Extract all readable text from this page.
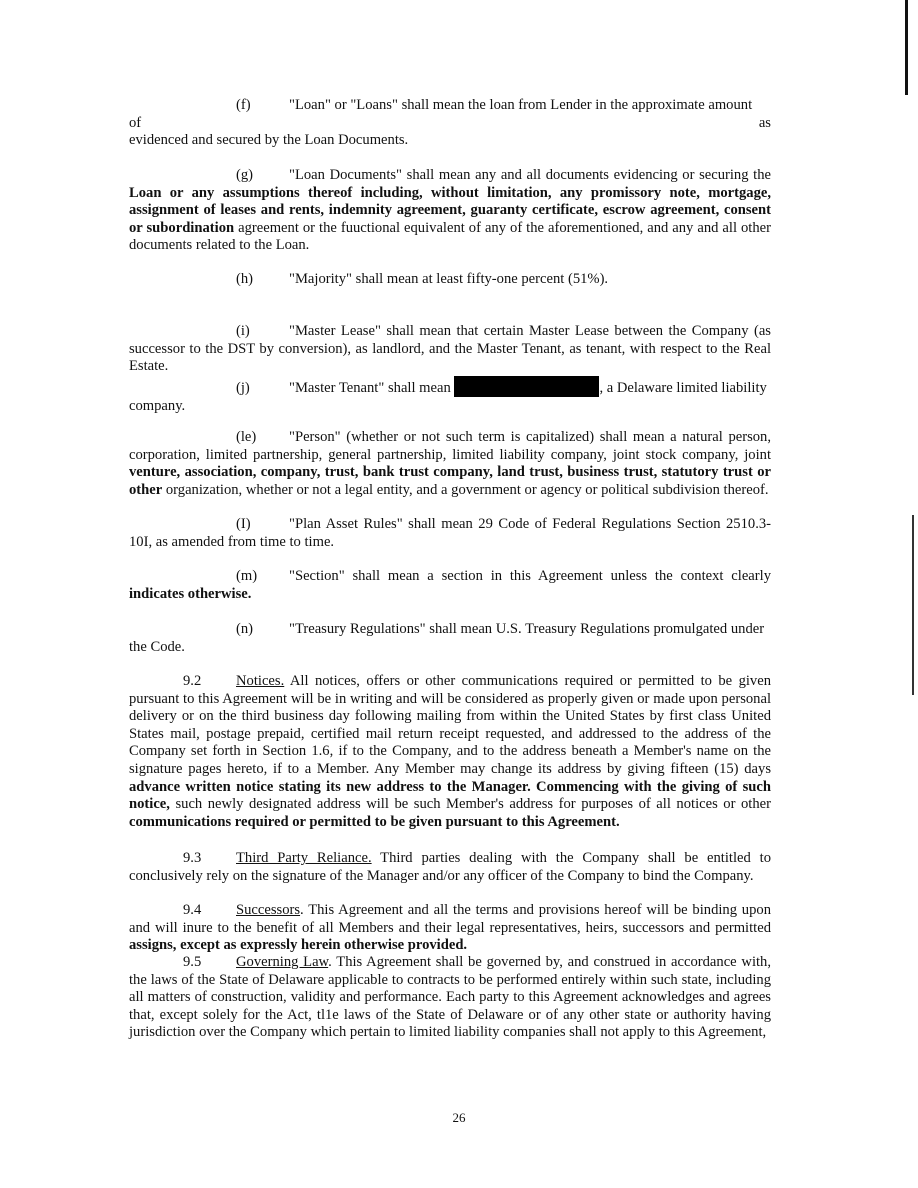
(f)	"Loan" or "Loans" shall mean the loan from Lender in the approximate amount
of	as
evidenced and secured by the Loan Documents.
(g) "Loan Documents" shall mean any and all documents evidencing or securing the Loan or any assumptions thereof including, without limitation, any promissory note, mortgage, assignment of leases and rents, indemnity agreement, guaranty certificate, escrow agreement, consent or subordination agreement or the fuuctional equivalent of any of the aforementioned, and any and all other documents related to the Loan.
(h) "Majority" shall mean at least fifty-one percent (51%).
(i)	"Master Lease" shall mean that certain Master Lease between the Company (as successor to the DST by conversion), as landlord, and the Master Tenant, as tenant, with respect to the Real Estate.
(j)	"Master Tenant" shall mean	, a Delaware limited liability
company.
(le) "Person" (whether or not such term is capitalized) shall mean a natural person, corporation, limited partnership, general partnership, limited liability company, joint stock company, joint venture, association, company, trust, bank trust company, land trust, business trust, statutory trust or other organization, whether or not a legal entity, and a government or agency or political subdivision thereof.
(I)	"Plan Asset Rules" shall mean 29 Code of Federal Regulations Section 2510.3-10I, as amended from time to time.
(m) "Section" shall mean a section in this Agreement unless the context clearly indicates otherwise.
(n) "Treasury Regulations" shall mean U.S. Treasury Regulations promulgated under
the Code.
9.2 Notices. All notices, offers or other communications required or permitted to be given pursuant to this Agreement will be in writing and will be considered as properly given or made upon personal delivery or on the third business day following mailing from within the United States by first class United States mail, postage prepaid, certified mail return receipt requested, and addressed to the address of the Company set forth in Section 1.6, if to the Company, and to the address beneath a Member's name on the signature pages hereto, if to a Member. Any Member may change its address by giving fifteen (15) days advance written notice stating its new address to the Manager. Commencing with the giving of such notice, such newly designated address will be such Member's address for purposes of all notices or other communications required or permitted to be given pursuant to this Agreement.
9.3 Third Party Reliance. Third parties dealing with the Company shall be entitled to conclusively rely on the signature of the Manager and/or any officer of the Company to bind the Company.
9.4 Successors. This Agreement and all the terms and provisions hereof will be binding upon and will inure to the benefit of all Members and their legal representatives, heirs, successors and permitted assigns, except as expressly herein otherwise provided.
9.5 Governing Law. This Agreement shall be governed by, and construed in accordance with, the laws of the State of Delaware applicable to contracts to be performed entirely within such state, including all matters of construction, validity and performance. Each party to this Agreement acknowledges and agrees that, except solely for the Act, tl1e laws of the State of Delaware or of any other state or authority having jurisdiction over the Company which pertain to limited liability companies shall not apply to this Agreement,
26
